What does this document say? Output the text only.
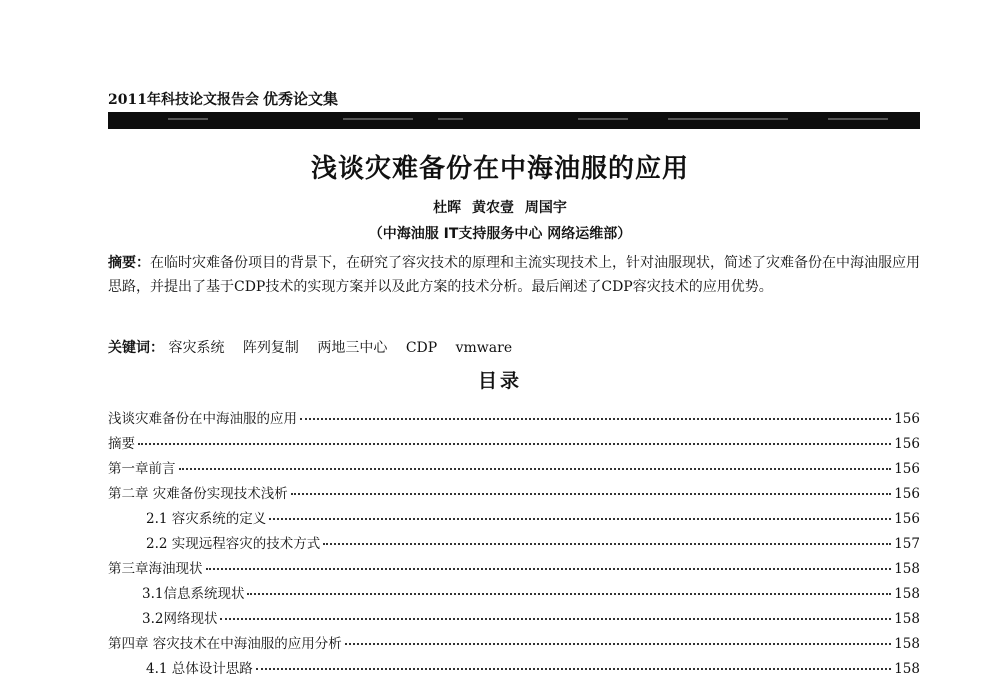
2011年科技论文报告会 优秀论文集
浅谈灾难备份在中海油服的应用
杜晖 黄农壹 周国宇
（中海油服 IT支持服务中心 网络运维部）
摘要：在临时灾难备份项目的背景下，在研究了容灾技术的原理和主流实现技术上，针对油服现状，简述了灾难备份在中海油服应用思路，并提出了基于CDP技术的实现方案并以及此方案的技术分析。最后阐述了CDP容灾技术的应用优势。
关键词： 容灾系统 阵列复制 两地三中心 CDP vmware
目录
浅谈灾难备份在中海油服的应用	156
摘要	156
第一章前言	156
第二章 灾难备份实现技术浅析	156
2.1 容灾系统的定义	156
2.2 实现远程容灾的技术方式	157
第三章海油现状	158
3.1信息系统现状	158
3.2网络现状	158
第四章 容灾技术在中海油服的应用分析	158
4.1 总体设计思路	158
